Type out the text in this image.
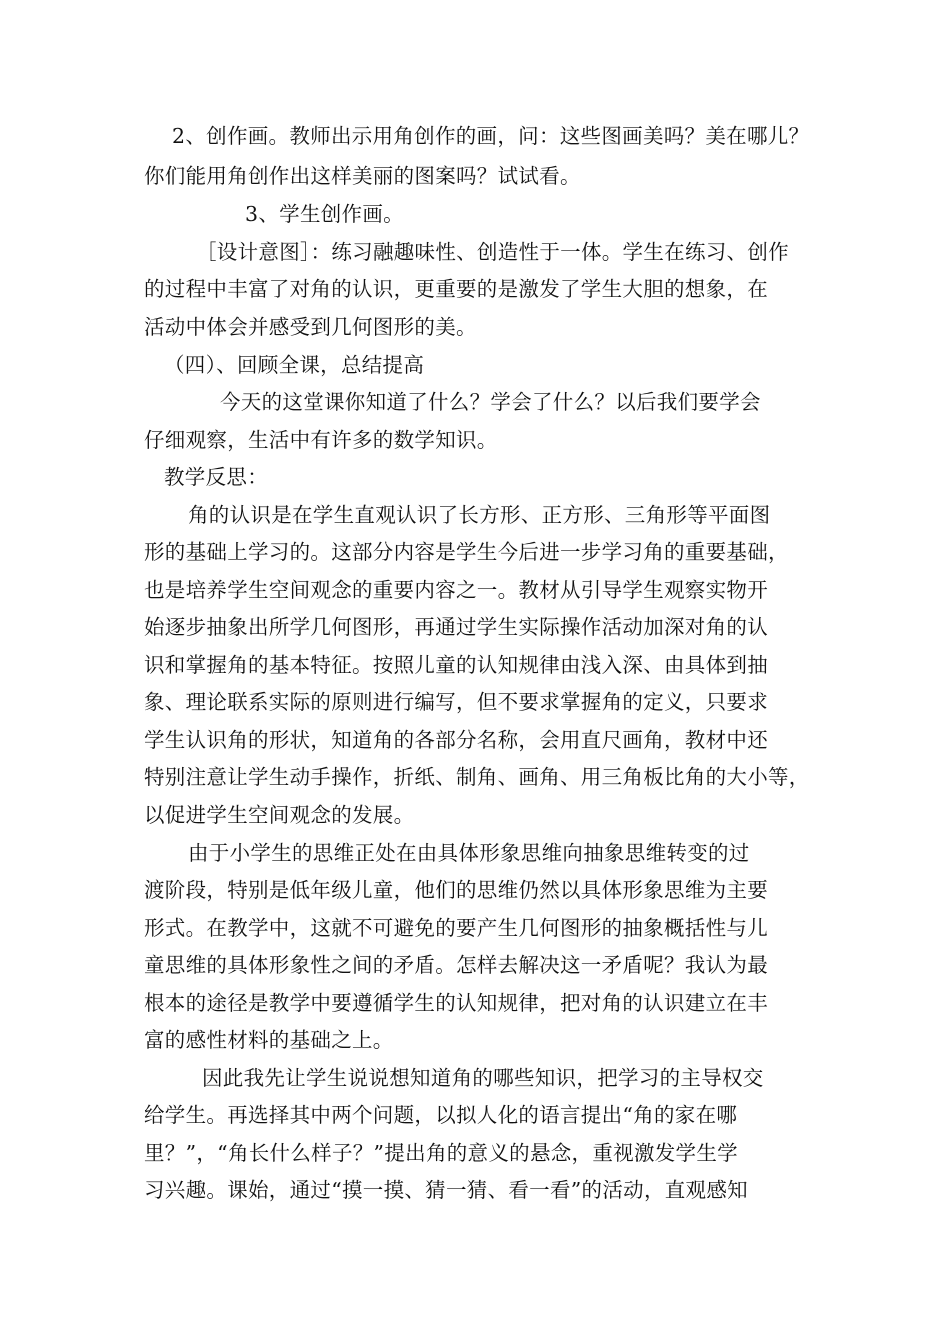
2、创作画。教师出示用角创作的画，问：这些图画美吗？美在哪儿？
你们能用角创作出这样美丽的图案吗？试试看。
3、学生创作画。
［设计意图］：练习融趣味性、创造性于一体。学生在练习、创作
的过程中丰富了对角的认识，更重要的是激发了学生大胆的想象，在
活动中体会并感受到几何图形的美。
（四）、回顾全课，总结提高
今天的这堂课你知道了什么？学会了什么？以后我们要学会
仔细观察，生活中有许多的数学知识。
教学反思：
角的认识是在学生直观认识了长方形、正方形、三角形等平面图
形的基础上学习的。这部分内容是学生今后进一步学习角的重要基础，
也是培养学生空间观念的重要内容之一。教材从引导学生观察实物开
始逐步抽象出所学几何图形，再通过学生实际操作活动加深对角的认
识和掌握角的基本特征。按照儿童的认知规律由浅入深、由具体到抽
象、理论联系实际的原则进行编写，但不要求掌握角的定义，只要求
学生认识角的形状，知道角的各部分名称，会用直尺画角，教材中还
特别注意让学生动手操作，折纸、制角、画角、用三角板比角的大小等，
以促进学生空间观念的发展。
由于小学生的思维正处在由具体形象思维向抽象思维转变的过
渡阶段，特别是低年级儿童，他们的思维仍然以具体形象思维为主要
形式。在教学中，这就不可避免的要产生几何图形的抽象概括性与儿
童思维的具体形象性之间的矛盾。怎样去解决这一矛盾呢？我认为最
根本的途径是教学中要遵循学生的认知规律，把对角的认识建立在丰
富的感性材料的基础之上。
因此我先让学生说说想知道角的哪些知识，把学习的主导权交
给学生。再选择其中两个问题，以拟人化的语言提出“角的家在哪
里？”，“角长什么样子？”提出角的意义的悬念，重视激发学生学
习兴趣。课始，通过“摸一摸、猜一猜、看一看”的活动，直观感知
